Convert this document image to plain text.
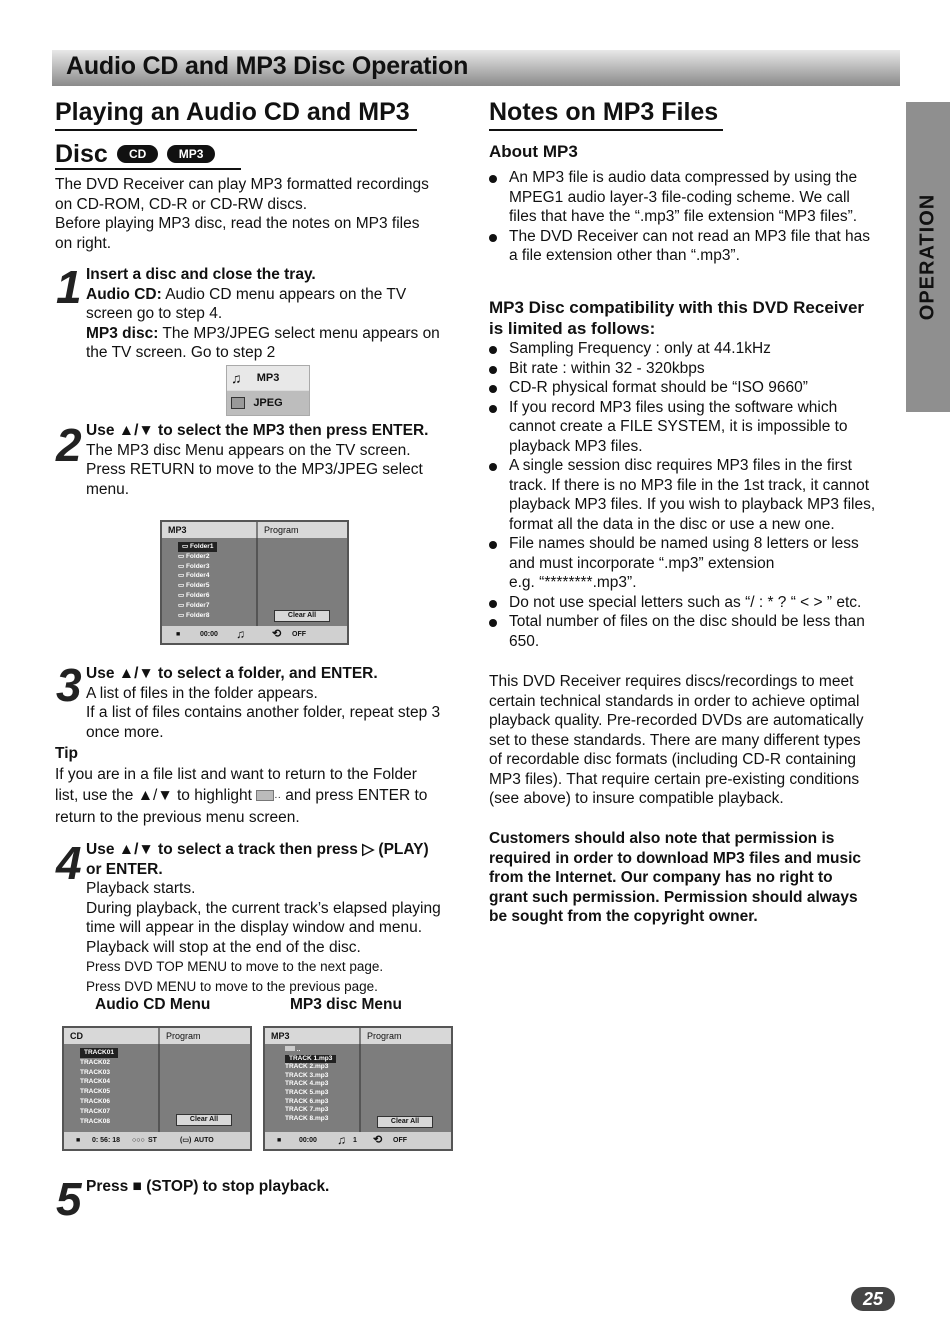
Audio CD and MP3 Disc Operation
OPERATION
Playing an Audio CD and MP3
Disc	CD	MP3
The DVD Receiver can play MP3 formatted recordings
on CD-ROM, CD-R or CD-RW discs.
Before playing MP3 disc, read the notes on MP3 files
on right.
1 Insert a disc and close the tray.
Audio CD: Audio CD menu appears on the TV
screen go to step 4.
MP3 disc: The MP3/JPEG select menu appears on
the TV screen. Go to step 2
♫ MP3
JPEG
2 Use ▲/▼ to select the MP3 then press ENTER.
The MP3 disc Menu appears on the TV screen.
Press RETURN to move to the MP3/JPEG select
menu.
MP3	Program
▭ Folder1
▭ Folder2
▭ Folder3
▭ Folder4
▭ Folder5
▭ Folder6
▭ Folder7
▭ Folder8	Clear All
■	00:00 ♫ ⟲ OFF
3 Use ▲/▼ to select a folder, and ENTER.
A list of files in the folder appears.
If a list of files contains another folder, repeat step 3
once more.
Tip
If you are in a file list and want to return to the Folder
list, use the ▲/▼ to highlight ·· and press ENTER to
return to the previous menu screen.
4 Use ▲/▼ to select a track then press ▷ (PLAY)
or ENTER.
Playback starts.
During playback, the current track’s elapsed playing
time will appear in the display window and menu.
Playback will stop at the end of the disc.
Press DVD TOP MENU to move to the next page.
Press DVD MENU to move to the previous page.
Audio CD Menu	MP3 disc Menu
CD	Program
TRACK01
TRACK02
TRACK03
TRACK04
TRACK05
TRACK06
TRACK07
TRACK08	Clear All
■ 0: 56: 18 ○○○ ST	(▭) AUTO
MP3	Program
..
TRACK 1.mp3
TRACK 2.mp3
TRACK 3.mp3
TRACK 4.mp3
TRACK 5.mp3
TRACK 6.mp3
TRACK 7.mp3
TRACK 8.mp3	Clear All
■	00:00 ♫ 1 ⟲ OFF
5 Press ■ (STOP) to stop playback.
Notes on MP3 Files
About MP3
An MP3 file is audio data compressed by using the
MPEG1 audio layer-3 file-coding scheme. We call
files that have the “.mp3” file extension “MP3 files”.
The DVD Receiver can not read an MP3 file that has
a file extension other than “.mp3”.
MP3 Disc compatibility with this DVD Receiver
is limited as follows:
Sampling Frequency : only at 44.1kHz
Bit rate : within 32 - 320kbps
CD-R physical format should be “ISO 9660”
If you record MP3 files using the software which
cannot create a FILE SYSTEM, it is impossible to
playback MP3 files.
A single session disc requires MP3 files in the first
track. If there is no MP3 file in the 1st track, it cannot
playback MP3 files. If you wish to playback MP3 files,
format all the data in the disc or use a new one.
File names should be named using 8 letters or less
and must incorporate “.mp3” extension
e.g. “********.mp3”.
Do not use special letters such as “/ : * ? “ < > ” etc.
Total number of files on the disc should be less than
650.
This DVD Receiver requires discs/recordings to meet
certain technical standards in order to achieve optimal
playback quality. Pre-recorded DVDs are automatically
set to these standards. There are many different types
of recordable disc formats (including CD-R containing
MP3 files). That require certain pre-existing conditions
(see above) to insure compatible playback.
Customers should also note that permission is
required in order to download MP3 files and music
from the Internet. Our company has no right to
grant such permission. Permission should always
be sought from the copyright owner.
25
